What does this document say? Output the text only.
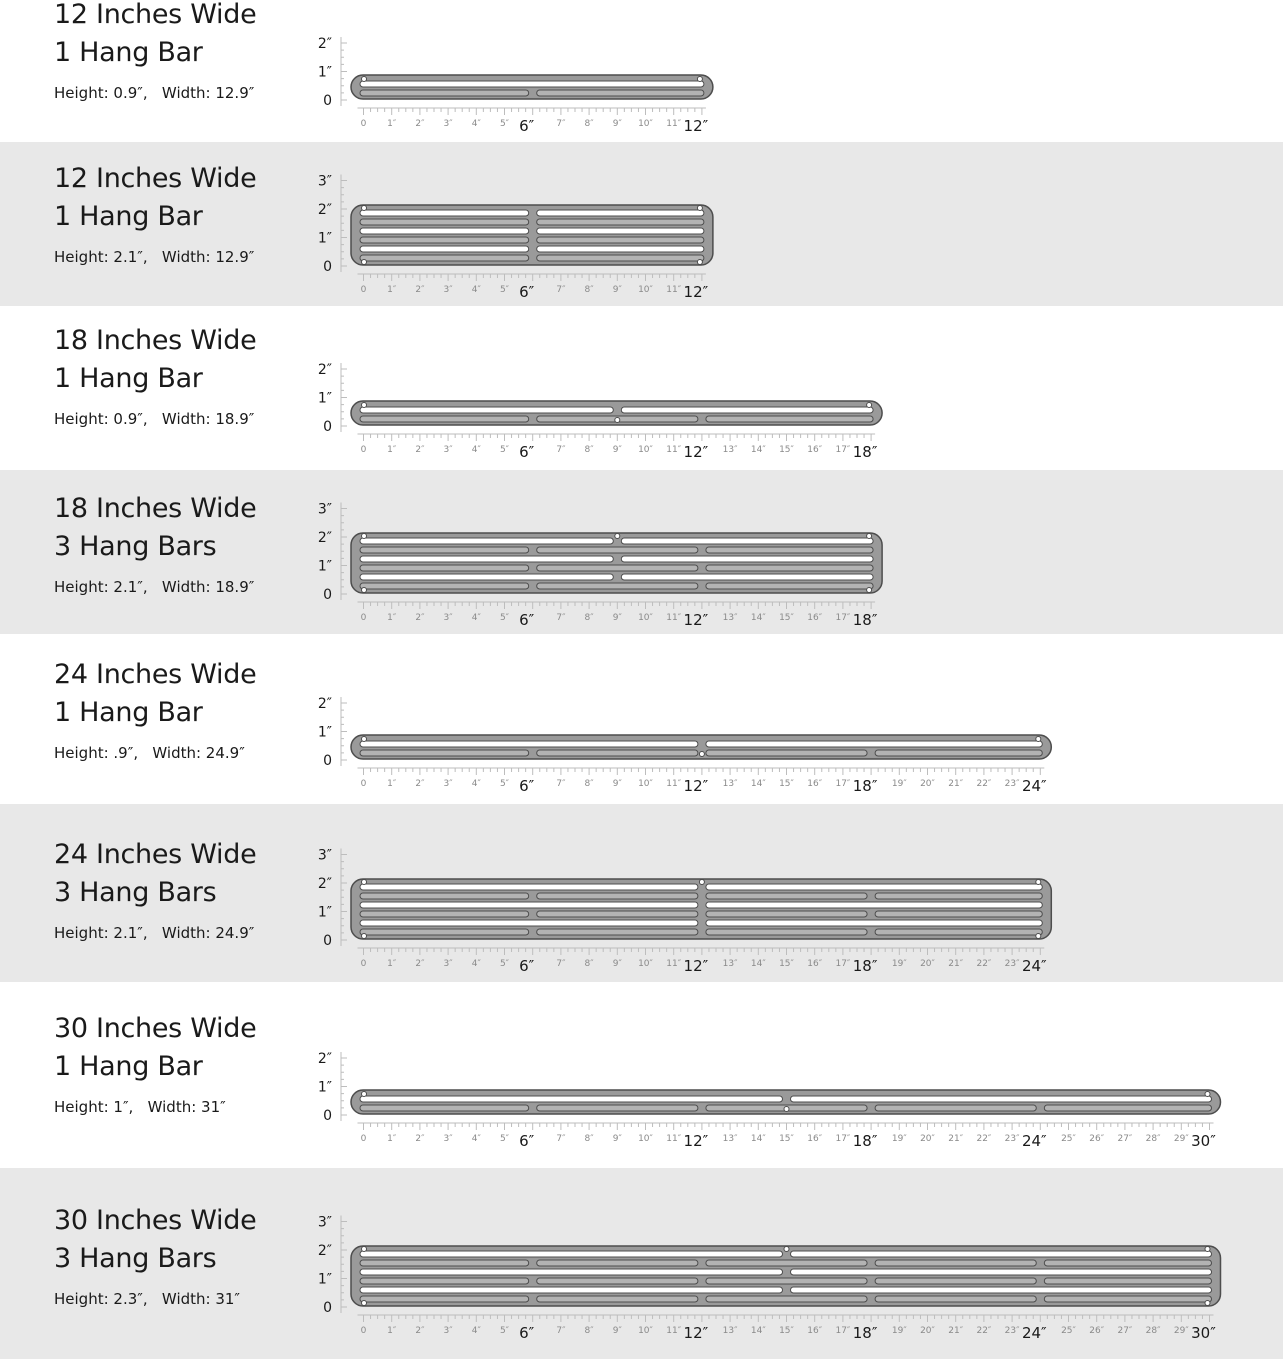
12 Inches Wide
1 Hang Bar
Height: 0.9″,   Width: 12.9″
12 Inches Wide
1 Hang Bar
Height: 2.1″,   Width: 12.9″
18 Inches Wide
1 Hang Bar
Height: 0.9″,   Width: 18.9″
18 Inches Wide
3 Hang Bars
Height: 2.1″,   Width: 18.9″
24 Inches Wide
1 Hang Bar
Height: .9″,   Width: 24.9″
24 Inches Wide
3 Hang Bars
Height: 2.1″,   Width: 24.9″
30 Inches Wide
1 Hang Bar
Height: 1″,   Width: 31″
30 Inches Wide
3 Hang Bars
Height: 2.3″,   Width: 31″
0
1″
2″
0 1″ 2″ 3″ 4″ 5″ 6″ 7″ 8″ 9″ 10″ 11″ 12″
0
1″
2″
3″
0 1″ 2″ 3″ 4″ 5″ 6″ 7″ 8″ 9″ 10″ 11″ 12″
0
1″
2″
0 1″ 2″ 3″ 4″ 5″ 6″ 7″ 8″ 9″ 10″ 11″ 12″ 13″ 14″ 15″ 16″ 17″ 18″
0
1″
2″
3″
0 1″ 2″ 3″ 4″ 5″ 6″ 7″ 8″ 9″ 10″ 11″ 12″ 13″ 14″ 15″ 16″ 17″ 18″
0
1″
2″
0 1″ 2″ 3″ 4″ 5″ 6″ 7″ 8″ 9″ 10″ 11″ 12″ 13″ 14″ 15″ 16″ 17″ 18″ 19″ 20″ 21″ 22″ 23″ 24″
0
1″
2″
3″
0 1″ 2″ 3″ 4″ 5″ 6″ 7″ 8″ 9″ 10″ 11″ 12″ 13″ 14″ 15″ 16″ 17″ 18″ 19″ 20″ 21″ 22″ 23″ 24″
0
1″
2″
0 1″ 2″ 3″ 4″ 5″ 6″ 7″ 8″ 9″ 10″ 11″ 12″ 13″ 14″ 15″ 16″ 17″ 18″ 19″ 20″ 21″ 22″ 23″ 24″ 25″ 26″ 27″ 28″ 29″ 30″
0
1″
2″
3″
0 1″ 2″ 3″ 4″ 5″ 6″ 7″ 8″ 9″ 10″ 11″ 12″ 13″ 14″ 15″ 16″ 17″ 18″ 19″ 20″ 21″ 22″ 23″ 24″ 25″ 26″ 27″ 28″ 29″ 30″
